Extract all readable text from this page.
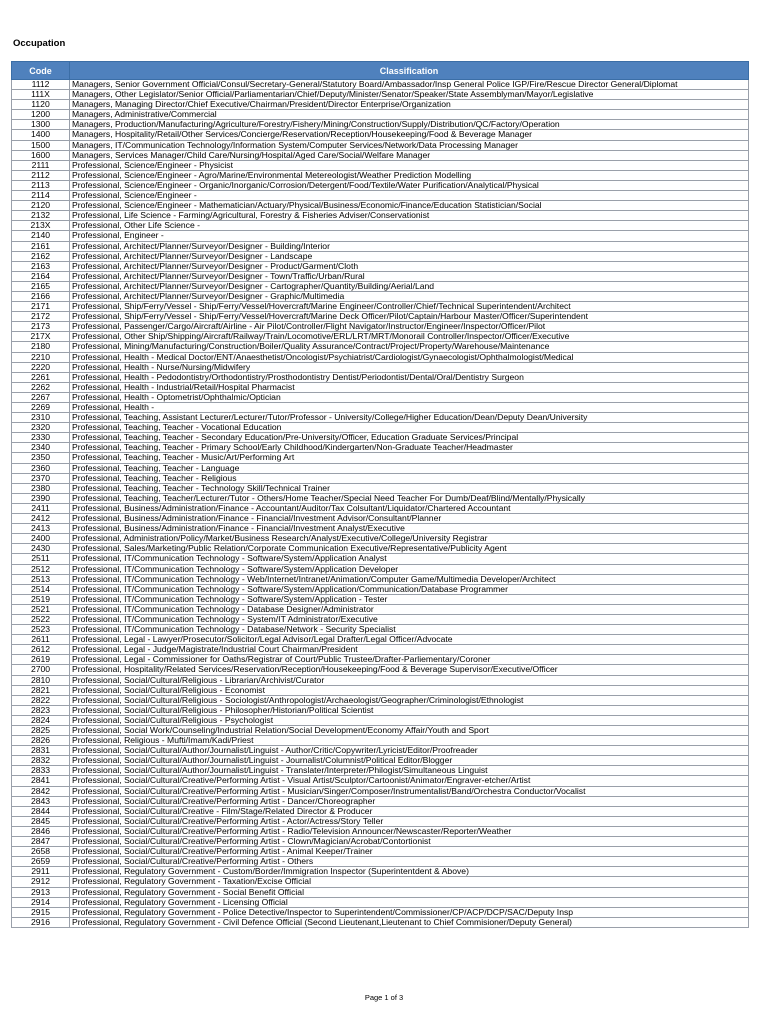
Occupation
Code	Classification
1112	Managers, Senior Government Official/Consul/Secretary-General/Statutory Board/Ambassador/Insp General Police IGP/Fire/Rescue Director General/Diplomat
111X	Managers, Other Legislator/Senior Official/Parliamentarian/Chief/Deputy/Minister/Senator/Speaker/State Assemblyman/Mayor/Legislative
1120	Managers, Managing Director/Chief Executive/Chairman/President/Director Enterprise/Organization
1200	Managers, Administrative/Commercial
1300	Managers, Production/Manufacturing/Agriculture/Forestry/Fishery/Mining/Construction/Supply/Distribution/QC/Factory/Operation
1400	Managers, Hospitality/Retail/Other Services/Concierge/Reservation/Reception/Housekeeping/Food & Beverage Manager
1500	Managers, IT/Communication Technology/Information System/Computer Services/Network/Data Processing Manager
1600	Managers, Services Manager/Child Care/Nursing/Hospital/Aged Care/Social/Welfare Manager
2111	Professional, Science/Engineer - Physicist
2112	Professional, Science/Engineer - Agro/Marine/Environmental Metereologist/Weather Prediction Modelling
2113	Professional, Science/Engineer - Organic/Inorganic/Corrosion/Detergent/Food/Textile/Water Purification/Analytical/Physical
2114	Professional, Science/Engineer -
2120	Professional, Science/Engineer - Mathematician/Actuary/Physical/Business/Economic/Finance/Education Statistician/Social
2132	Professional, Life Science - Farming/Agricultural, Forestry & Fisheries Adviser/Conservationist
213X	Professional, Other Life Science -
2140	Professional, Engineer -
2161	Professional, Architect/Planner/Surveyor/Designer - Building/Interior
2162	Professional, Architect/Planner/Surveyor/Designer - Landscape
2163	Professional, Architect/Planner/Surveyor/Designer - Product/Garment/Cloth
2164	Professional, Architect/Planner/Surveyor/Designer - Town/Traffic/Urban/Rural
2165	Professional, Architect/Planner/Surveyor/Designer - Cartographer/Quantity/Building/Aerial/Land
2166	Professional, Architect/Planner/Surveyor/Designer - Graphic/Multimedia
2171	Professional, Ship/Ferry/Vessel - Ship/Ferry/Vessel/Hovercraft/Marine Engineer/Controller/Chief/Technical Superintendent/Architect
2172	Professional, Ship/Ferry/Vessel - Ship/Ferry/Vessel/Hovercraft/Marine Deck Officer/Pilot/Captain/Harbour Master/Officer/Superintendent
2173	Professional, Passenger/Cargo/Aircraft/Airline - Air Pilot/Controller/Flight Navigator/Instructor/Engineer/Inspector/Officer/Pilot
217X	Professional, Other Ship/Shipping/Aircraft/Railway/Train/Locomotive/ERL/LRT/MRT/Monorail Controller/Inspector/Officer/Executive
2180	Professional, Mining/Manufacturing/Construction/Boiler/Quality Assurance/Contract/Project/Property/Warehouse/Maintenance
2210	Professional, Health - Medical Doctor/ENT/Anaesthetist/Oncologist/Psychiatrist/Cardiologist/Gynaecologist/Ophthalmologist/Medical
2220	Professional, Health - Nurse/Nursing/Midwifery
2261	Professional, Health - Pedodontistry/Orthodontistry/Prosthodontistry Dentist/Periodontist/Dental/Oral/Dentistry Surgeon
2262	Professional, Health - Industrial/Retail/Hospital Pharmacist
2267	Professional, Health - Optometrist/Ophthalmic/Optician
2269	Professional, Health -
2310	Professional, Teaching, Assistant Lecturer/Lecturer/Tutor/Professor - University/College/Higher Education/Dean/Deputy Dean/University
2320	Professional, Teaching, Teacher - Vocational Education
2330	Professional, Teaching, Teacher - Secondary Education/Pre-University/Officer, Education Graduate Services/Principal
2340	Professional, Teaching, Teacher - Primary School/Early Childhood/Kindergarten/Non-Graduate Teacher/Headmaster
2350	Professional, Teaching, Teacher - Music/Art/Performing Art
2360	Professional, Teaching, Teacher - Language
2370	Professional, Teaching, Teacher - Religious
2380	Professional, Teaching, Teacher - Technology Skill/Technical Trainer
2390	Professional, Teaching, Teacher/Lecturer/Tutor - Others/Home Teacher/Special Need Teacher For Dumb/Deaf/Blind/Mentally/Physically
2411	Professional, Business/Administration/Finance - Accountant/Auditor/Tax Colsultant/Liquidator/Chartered Accountant
2412	Professional, Business/Administration/Finance - Financial/Investment Advisor/Consultant/Planner
2413	Professional, Business/Administration/Finance - Financial/Investment Analyst/Executive
2400	Professional, Administration/Policy/Market/Business Research/Analyst/Executive/College/University Registrar
2430	Professional, Sales/Marketing/Public Relation/Corporate Communication Executive/Representative/Publicity Agent
2511	Professional, IT/Communication Technology - Software/System/Application Analyst
2512	Professional, IT/Communication Technology - Software/System/Application Developer
2513	Professional, IT/Communication Technology - Web/Internet/Intranet/Animation/Computer Game/Multimedia Developer/Architect
2514	Professional, IT/Communication Technology - Software/System/Application/Communication/Database Programmer
2519	Professional, IT/Communication Technology - Software/System/Application - Tester
2521	Professional, IT/Communication Technology - Database Designer/Administrator
2522	Professional, IT/Communication Technology - System/IT Administrator/Executive
2523	Professional, IT/Communication Technology - Database/Network - Security Specialist
2611	Professional, Legal - Lawyer/Prosecutor/Solicitor/Legal Advisor/Legal Drafter/Legal Officer/Advocate
2612	Professional, Legal - Judge/Magistrate/Industrial Court Chairman/President
2619	Professional, Legal - Commissioner for Oaths/Registrar of Court/Public Trustee/Drafter-Parliementary/Coroner
2700	Professional, Hospitality/Related Services/Reservation/Reception/Housekeeping/Food & Beverage Supervisor/Executive/Officer
2810	Professional, Social/Cultural/Religious - Librarian/Archivist/Curator
2821	Professional, Social/Cultural/Religious - Economist
2822	Professional, Social/Cultural/Religious - Sociologist/Anthropologist/Archaeologist/Geographer/Criminologist/Ethnologist
2823	Professional, Social/Cultural/Religious - Philosopher/Historian/Political Scientist
2824	Professional, Social/Cultural/Religious - Psychologist
2825	Professional, Social Work/Counseling/Industrial Relation/Social Development/Economy Affair/Youth and Sport
2826	Professional, Religious - Mufti/Imam/Kadi/Priest
2831	Professional, Social/Cultural/Author/Journalist/Linguist - Author/Critic/Copywriter/Lyricist/Editor/Proofreader
2832	Professional, Social/Cultural/Author/Journalist/Linguist - Journalist/Columnist/Political Editor/Blogger
2833	Professional, Social/Cultural/Author/Journalist/Linguist - Translater/Interpreter/Philogist/Simultaneous Linguist
2841	Professional, Social/Cultural/Creative/Performing Artist - Visual Artist/Sculptor/Cartoonist/Animator/Engraver-etcher/Artist
2842	Professional, Social/Cultural/Creative/Performing Artist - Musician/Singer/Composer/Instrumentalist/Band/Orchestra Conductor/Vocalist
2843	Professional, Social/Cultural/Creative/Performing Artist - Dancer/Choreographer
2844	Professional, Social/Cultural/Creative - Film/Stage/Related Director & Producer
2845	Professional, Social/Cultural/Creative/Performing Artist - Actor/Actress/Story Teller
2846	Professional, Social/Cultural/Creative/Performing Artist - Radio/Television Announcer/Newscaster/Reporter/Weather
2847	Professional, Social/Cultural/Creative/Performing Artist - Clown/Magician/Acrobat/Contortionist
2658	Professional, Social/Cultural/Creative/Performing Artist - Animal Keeper/Trainer
2659	Professional, Social/Cultural/Creative/Performing Artist - Others
2911	Professional, Regulatory Government - Custom/Border/Immigration Inspector (Superintentdent & Above)
2912	Professional, Regulatory Government - Taxation/Excise Official
2913	Professional, Regulatory Government - Social Benefit Official
2914	Professional, Regulatory Government - Licensing Official
2915	Professional, Regulatory Government - Police Detective/Inspector to Superintendent/Commissioner/CP/ACP/DCP/SAC/Deputy Insp
2916	Professional, Regulatory Government - Civil Defence Official (Second Lieutenant,Lieutenant to Chief Commisioner/Deputy General)
Page 1 of 3
